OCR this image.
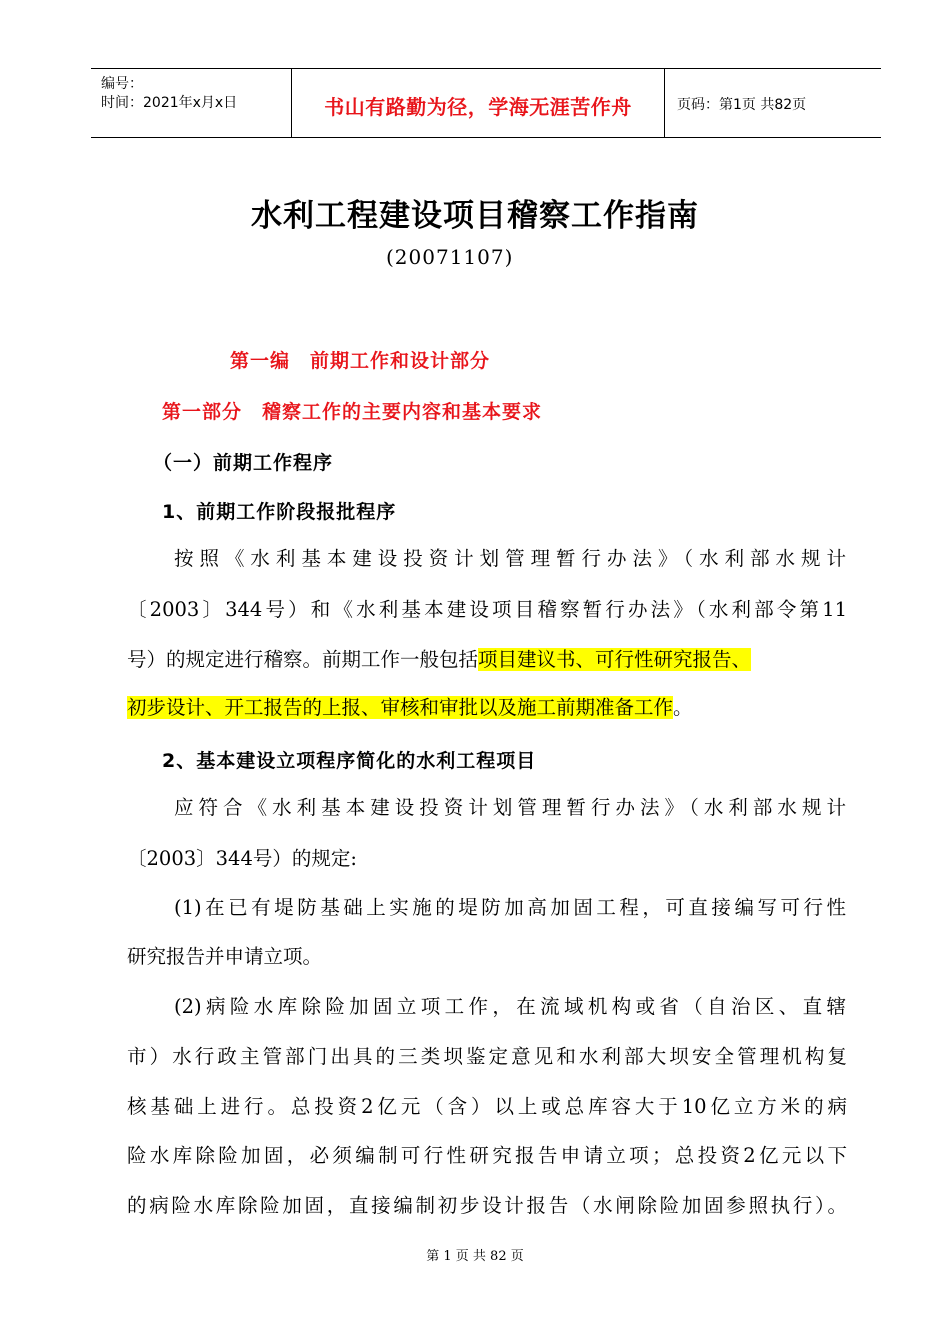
编号：
时间：2021年x月x日	书山有路勤为径，学海无涯苦作舟	页码：第1页 共82页
水利工程建设项目稽察工作指南
(20071107)
第一编　前期工作和设计部分
第一部分　稽察工作的主要内容和基本要求
（一）前期工作程序
1、前期工作阶段报批程序
按照《水利基本建设投资计划管理暂行办法》（水利部水规计
〔2003〕344号）和《水利基本建设项目稽察暂行办法》（水利部令第11
号）的规定进行稽察。前期工作一般包括项目建议书、可行性研究报告、
初步设计、开工报告的上报、审核和审批以及施工前期准备工作。
2、基本建设立项程序简化的水利工程项目
应符合《水利基本建设投资计划管理暂行办法》（水利部水规计
〔2003〕344号）的规定:
(1)在已有堤防基础上实施的堤防加高加固工程，可直接编写可行性
研究报告并申请立项。
(2)病险水库除险加固立项工作，在流域机构或省（自治区、直辖
市）水行政主管部门出具的三类坝鉴定意见和水利部大坝安全管理机构复
核基础上进行。总投资2亿元（含）以上或总库容大于10亿立方米的病
险水库除险加固，必须编制可行性研究报告申请立项；总投资2亿元以下
的病险水库除险加固，直接编制初步设计报告（水闸除险加固参照执行）。
第 1 页 共 82 页
